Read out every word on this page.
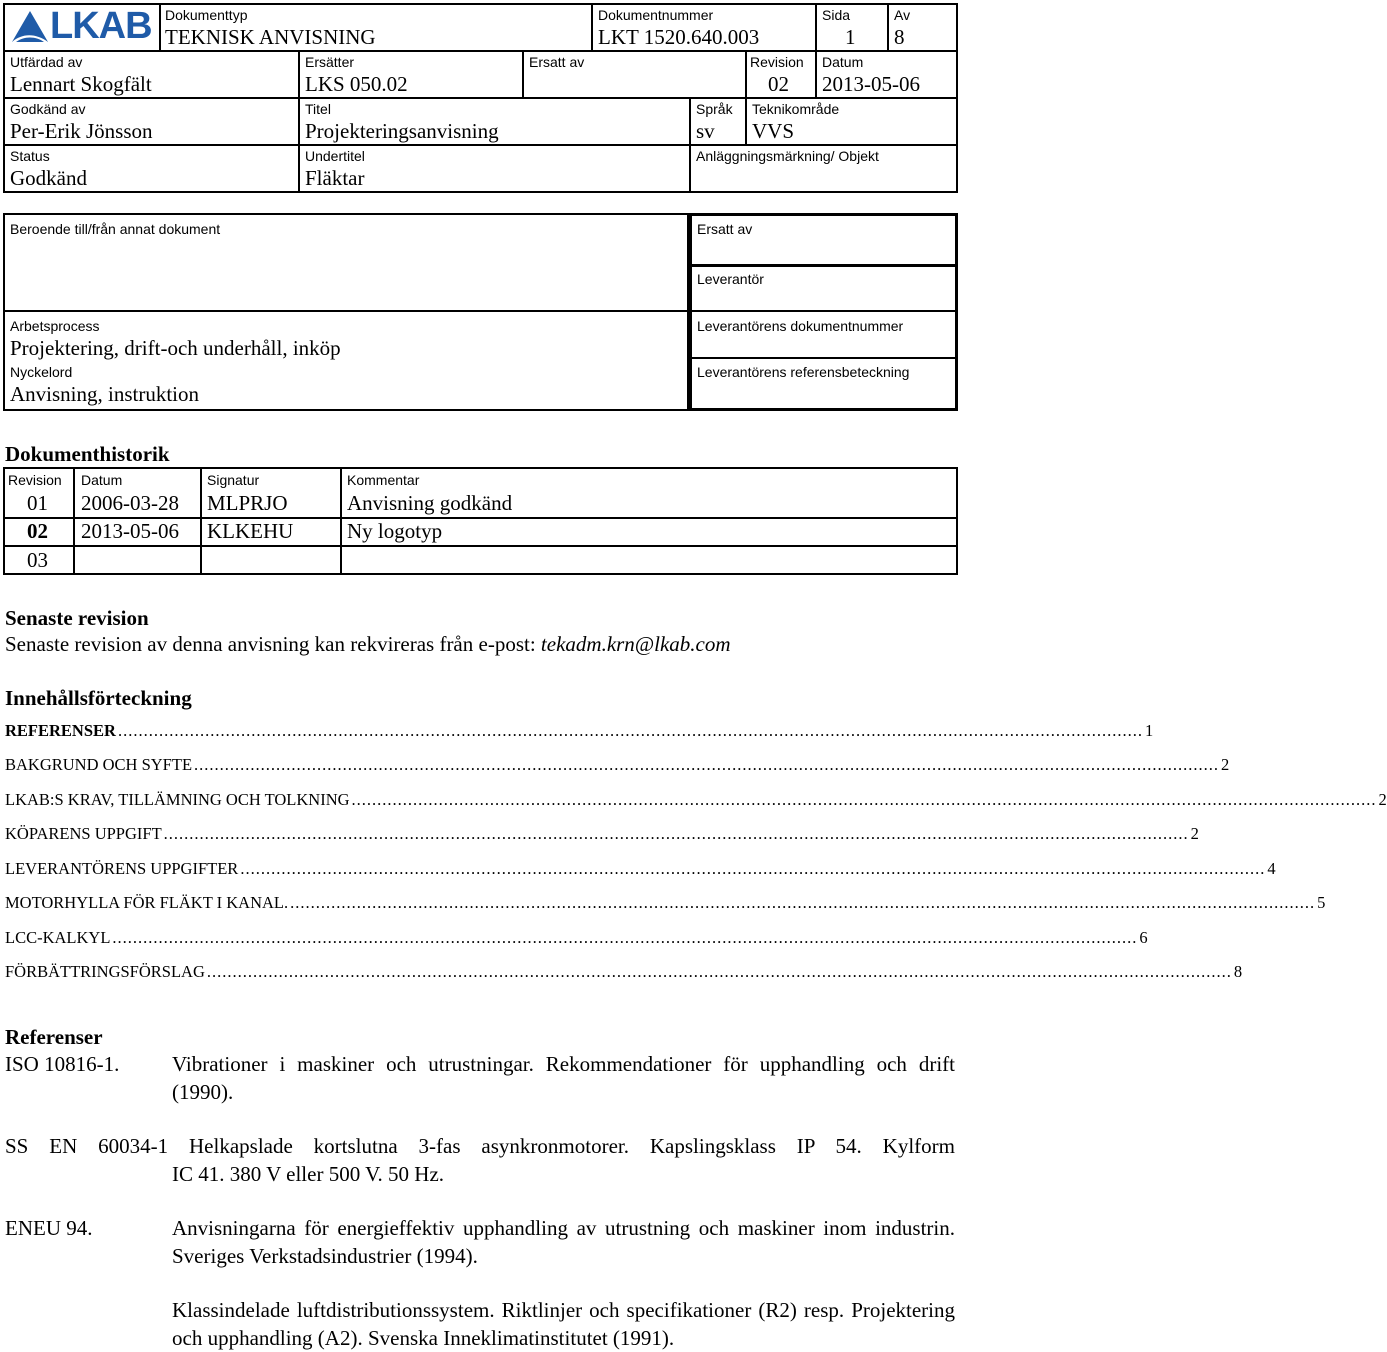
LKAB Dokumenttyp
TEKNISK ANVISNING
Dokumentnummer
LKT 1520.640.003
Sida
1
Av
8
Utfärdad av
Lennart Skogfält
Ersätter
LKS 050.02
Ersatt av	Revision
02
Datum
2013-05-06
Godkänd av
Per-Erik Jönsson
Titel
Projekteringsanvisning
Språk
sv
Teknikområde
VVS
Status
Godkänd
Undertitel
Fläktar
Anläggningsmärkning/ Objekt
Beroende till/från annat dokument	Ersatt av
Leverantör
Arbetsprocess
Projektering, drift-och underhåll, inköp
Nyckelord
Anvisning, instruktion
Leverantörens dokumentnummer
Leverantörens referensbeteckning
Dokumenthistorik
Revision Datum	Signatur	Kommentar
01 2006-03-28 MLPRJO	Anvisning godkänd
02 2013-05-06 KLKEHU	Ny logotyp
03
Senaste revision
Senaste revision av denna anvisning kan rekvireras från e-post: tekadm.krn@lkab.com
Innehållsförteckning
REFERENSER ........................................................................................................................................................................................................ 1
BAKGRUND OCH SYFTE ........................................................................................................................................................................................................ 2
LKAB:S KRAV, TILLÄMNING OCH TOLKNING ........................................................................................................................................................................................................ 2
KÖPARENS UPPGIFT ........................................................................................................................................................................................................ 2
LEVERANTÖRENS UPPGIFTER ........................................................................................................................................................................................................ 4
MOTORHYLLA FÖR FLÄKT I KANAL. ........................................................................................................................................................................................................ 5
LCC-KALKYL ........................................................................................................................................................................................................ 6
FÖRBÄTTRINGSFÖRSLAG ........................................................................................................................................................................................................ 8
Referenser
ISO 10816-1.	Vibrationer i maskiner och utrustningar. Rekommendationer för upphandling och drift (1990).
SS EN 60034-1 Helkapslade kortslutna 3-fas asynkronmotorer. Kapslingsklass IP 54. Kylform
IC 41. 380 V eller 500 V. 50 Hz.
ENEU 94.	Anvisningarna för energieffektiv upphandling av utrustning och maskiner inom industrin. Sveriges Verkstadsindustrier (1994).
Klassindelade luftdistributionssystem. Riktlinjer och specifikationer (R2) resp. Projektering och upphandling (A2). Svenska Inneklimatinstitutet (1991).
